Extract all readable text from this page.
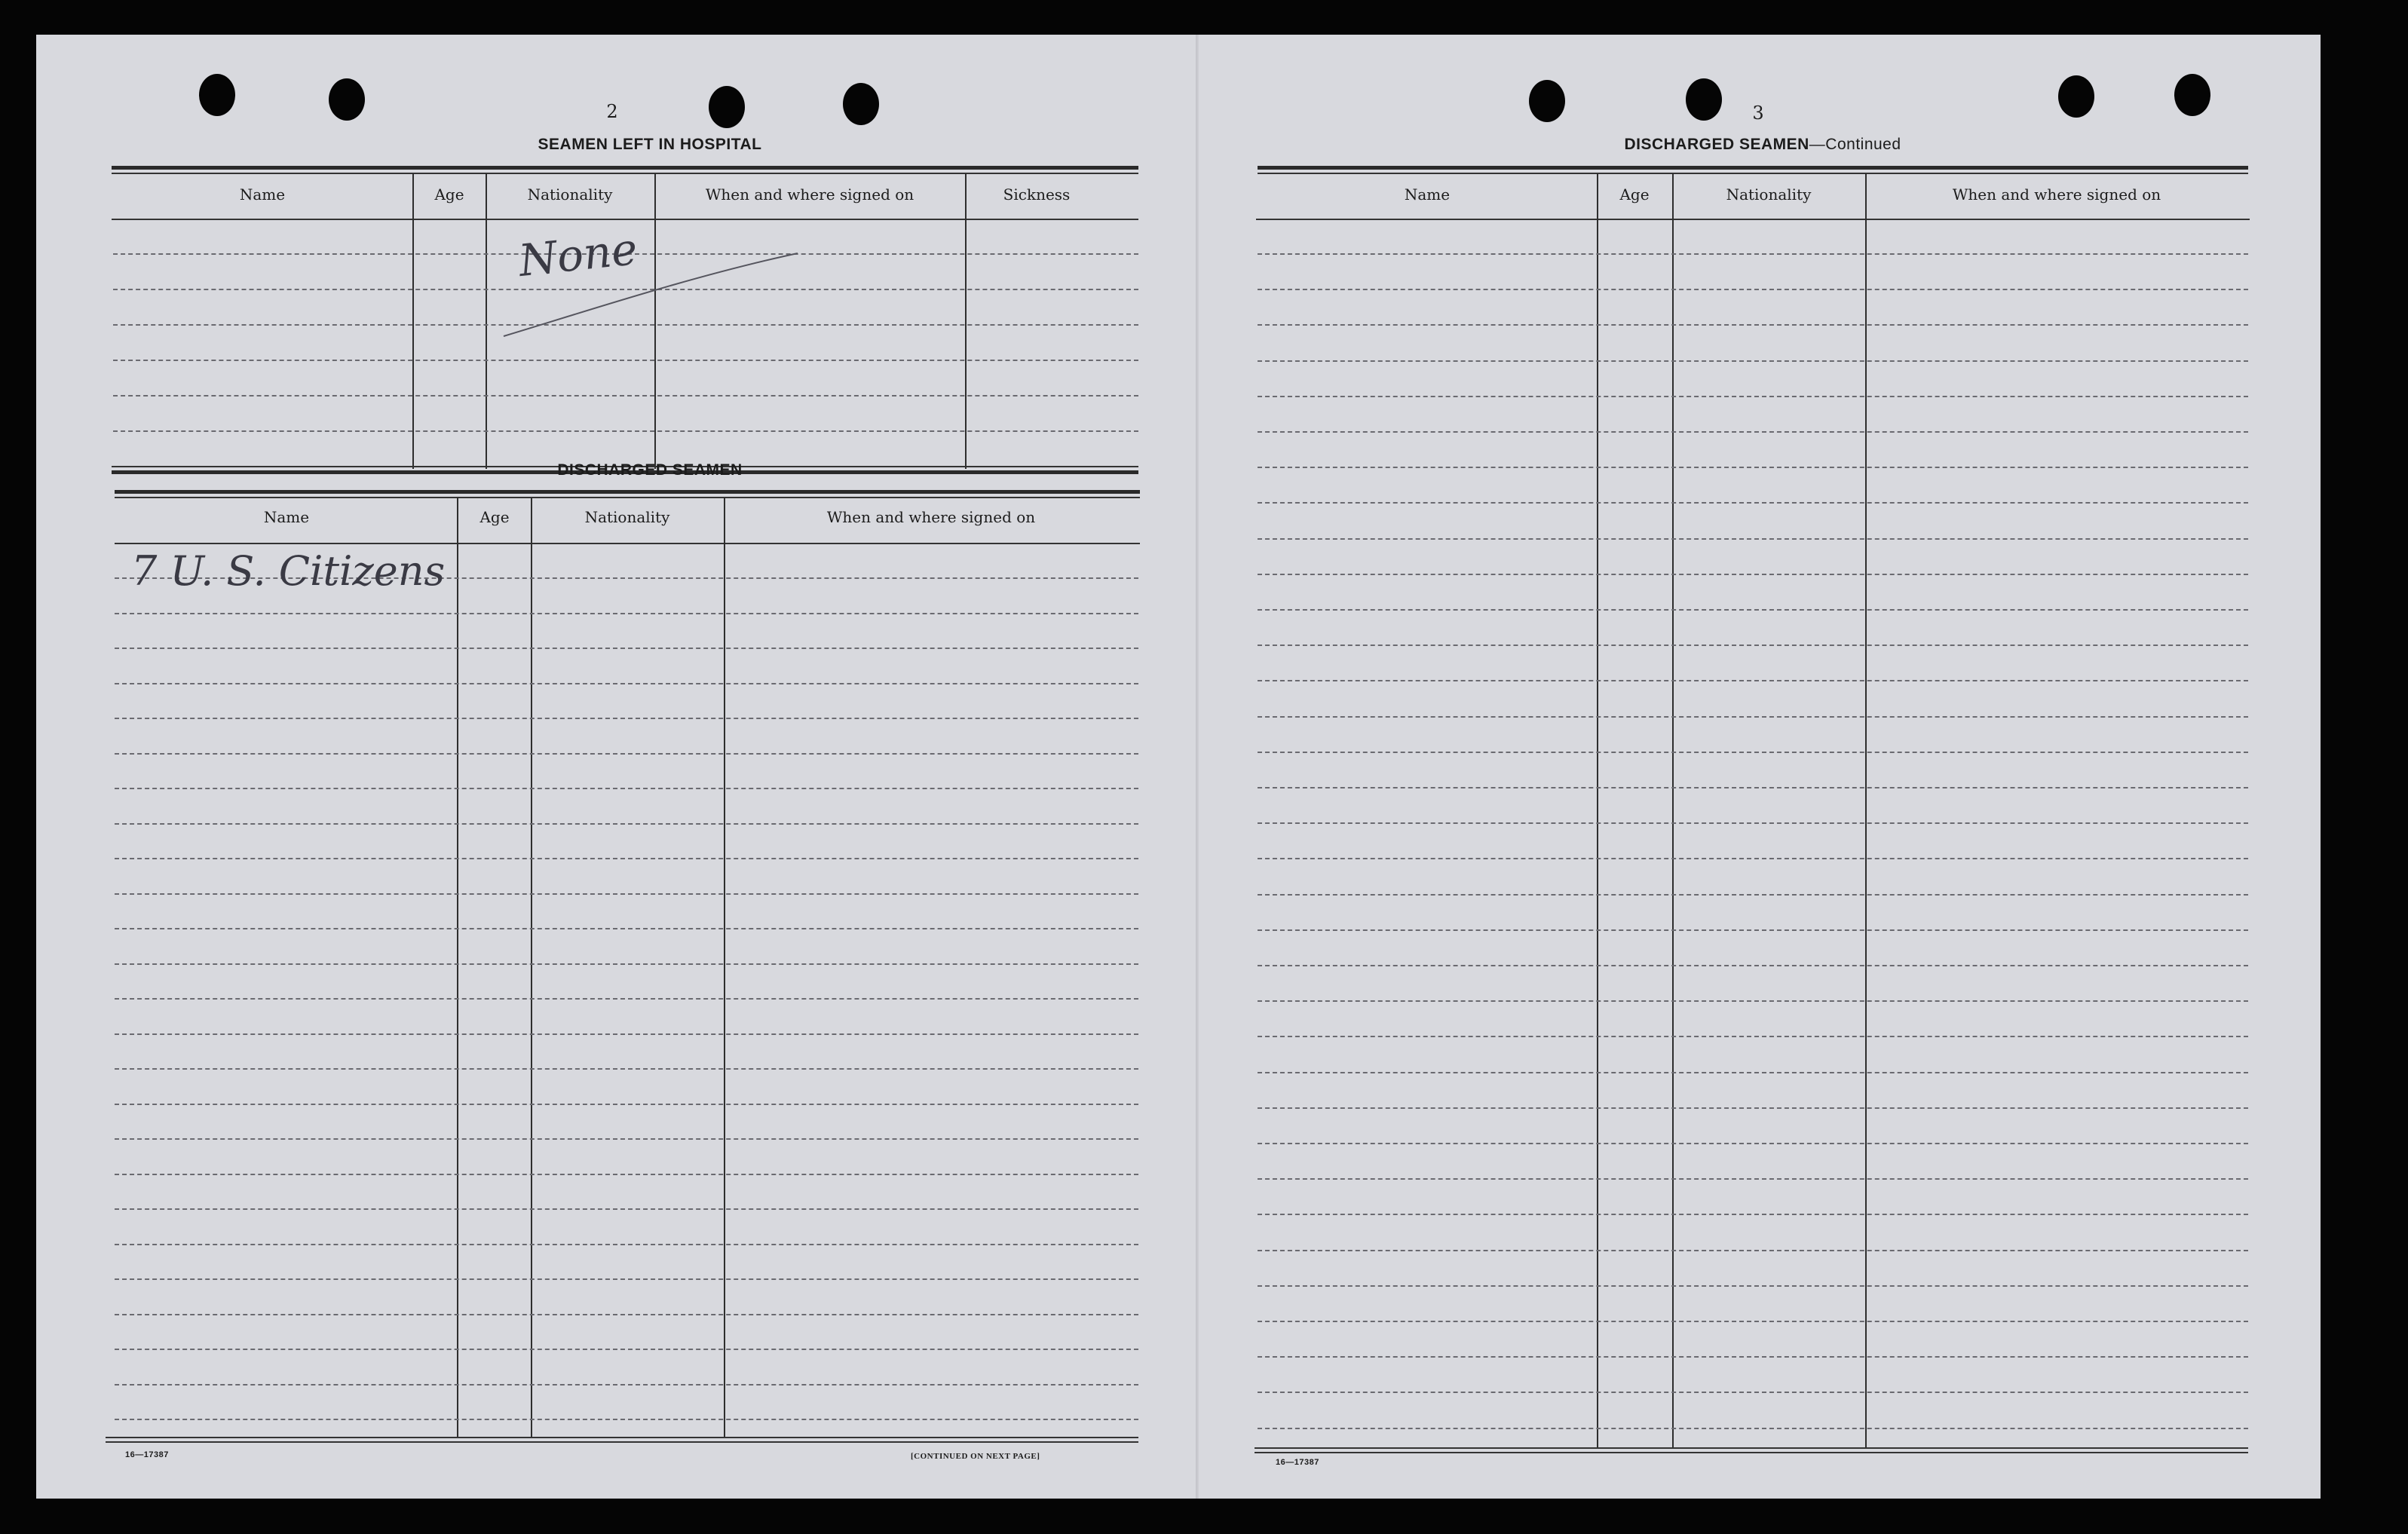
2
SEAMEN LEFT IN HOSPITAL
Name	Age	Nationality	When and where signed on	Sickness
None
DISCHARGED SEAMEN
Name	Age	Nationality	When and where signed on
7 U. S. Citizens
16—17387	[CONTINUED ON NEXT PAGE]
3
DISCHARGED SEAMEN—Continued
Name	Age	Nationality	When and where signed on
16—17387
